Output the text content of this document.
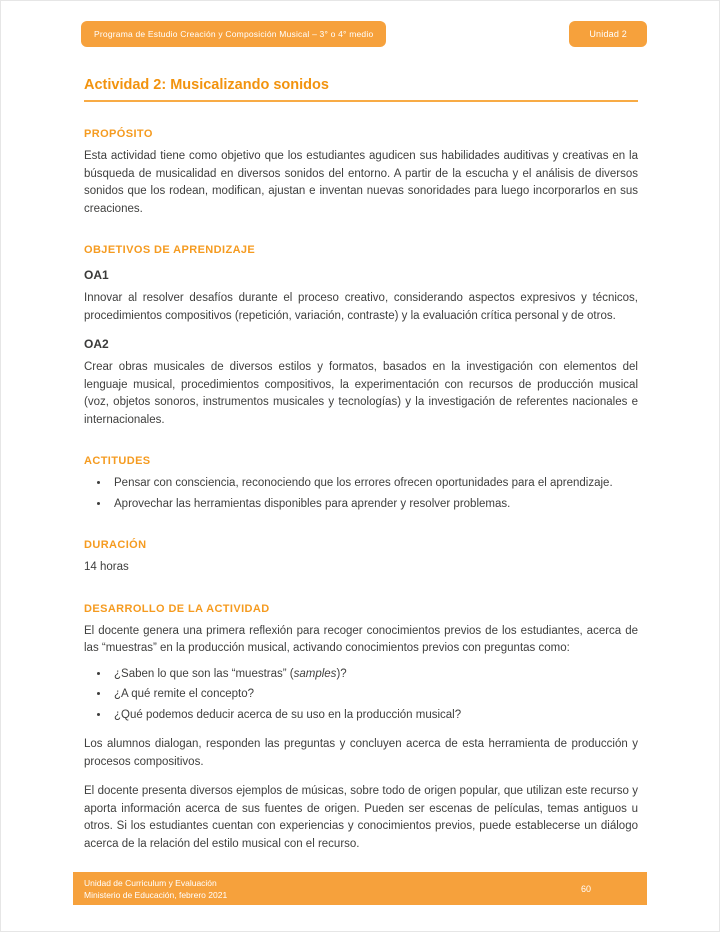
Programa de Estudio Creación y Composición Musical – 3° o 4° medio	Unidad 2
Actividad 2: Musicalizando sonidos
PROPÓSITO

Esta actividad tiene como objetivo que los estudiantes agudicen sus habilidades auditivas y creativas en la búsqueda de musicalidad en diversos sonidos del entorno. A partir de la escucha y el análisis de diversos sonidos que los rodean, modifican, ajustan e inventan nuevas sonoridades para luego incorporarlos en sus creaciones.

OBJETIVOS DE APRENDIZAJE

OA1

Innovar al resolver desafíos durante el proceso creativo, considerando aspectos expresivos y técnicos, procedimientos compositivos (repetición, variación, contraste) y la evaluación crítica personal y de otros.

OA2

Crear obras musicales de diversos estilos y formatos, basados en la investigación con elementos del lenguaje musical, procedimientos compositivos, la experimentación con recursos de producción musical (voz, objetos sonoros, instrumentos musicales y tecnologías) y la investigación de referentes nacionales e internacionales.

ACTITUDES
• Pensar con consciencia, reconociendo que los errores ofrecen oportunidades para el aprendizaje.
• Aprovechar las herramientas disponibles para aprender y resolver problemas.
DURACIÓN

14 horas

DESARROLLO DE LA ACTIVIDAD

El docente genera una primera reflexión para recoger conocimientos previos de los estudiantes, acerca de las “muestras” en la producción musical, activando conocimientos previos con preguntas como:

• ¿Saben lo que son las “muestras” (samples)?
• ¿A qué remite el concepto?
• ¿Qué podemos deducir acerca de su uso en la producción musical?

Los alumnos dialogan, responden las preguntas y concluyen acerca de esta herramienta de producción y procesos compositivos.

El docente presenta diversos ejemplos de músicas, sobre todo de origen popular, que utilizan este recurso y aporta información acerca de sus fuentes de origen. Pueden ser escenas de películas, temas antiguos u otros. Si los estudiantes cuentan con experiencias y conocimientos previos, puede establecerse un diálogo acerca de la relación del estilo musical con el recurso.

Unidad de Curriculum y Evaluación
Ministerio de Educación, febrero 2021
60
